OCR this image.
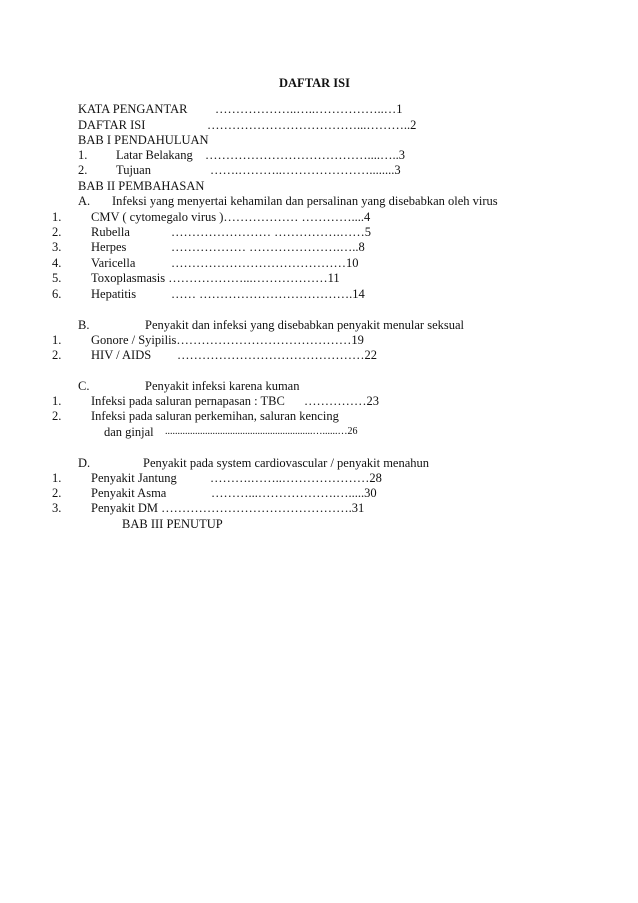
DAFTAR ISI
KATA PENGANTAR ………………..…..……………..…1
DAFTAR ISI	………………………………...………..2
BAB I PENDAHULUAN
1. Latar Belakang …………………………………....…..3
2. Tujuan	…….………..…………………........3
BAB II PEMBAHASAN
A. Infeksi yang menyertai kehamilan dan persalinan yang disebabkan oleh virus
1. CMV ( cytomegalo virus )……………… …………....4
2. Rubella	…………………… …………….……5
3. Herpes	……………… ………………….…..8
4. Varicella	……………………………………10
5. Toxoplasmasis ………………...………………11
6. Hepatitis	…… ……………………………….14
B.	Penyakit dan infeksi yang disebabkan penyakit menular seksual
1. Gonore / Syipilis……………………………………19
2. HIV / AIDS ………………………………………22
C.	Penyakit infeksi karena kuman
1. Infeksi pada saluran pernapasan : TBC ……………23
2. Infeksi pada saluran perkemihan, saluran kencing
dan ginjal ...........................................................…......…26
D.	Penyakit pada system cardiovascular / penyakit menahun
1. Penyakit Jantung	……….……..…………………28
2. Penyakit Asma	………...……………….….....30
3. Penyakit DM ……………………………………….31
BAB III PENUTUP
